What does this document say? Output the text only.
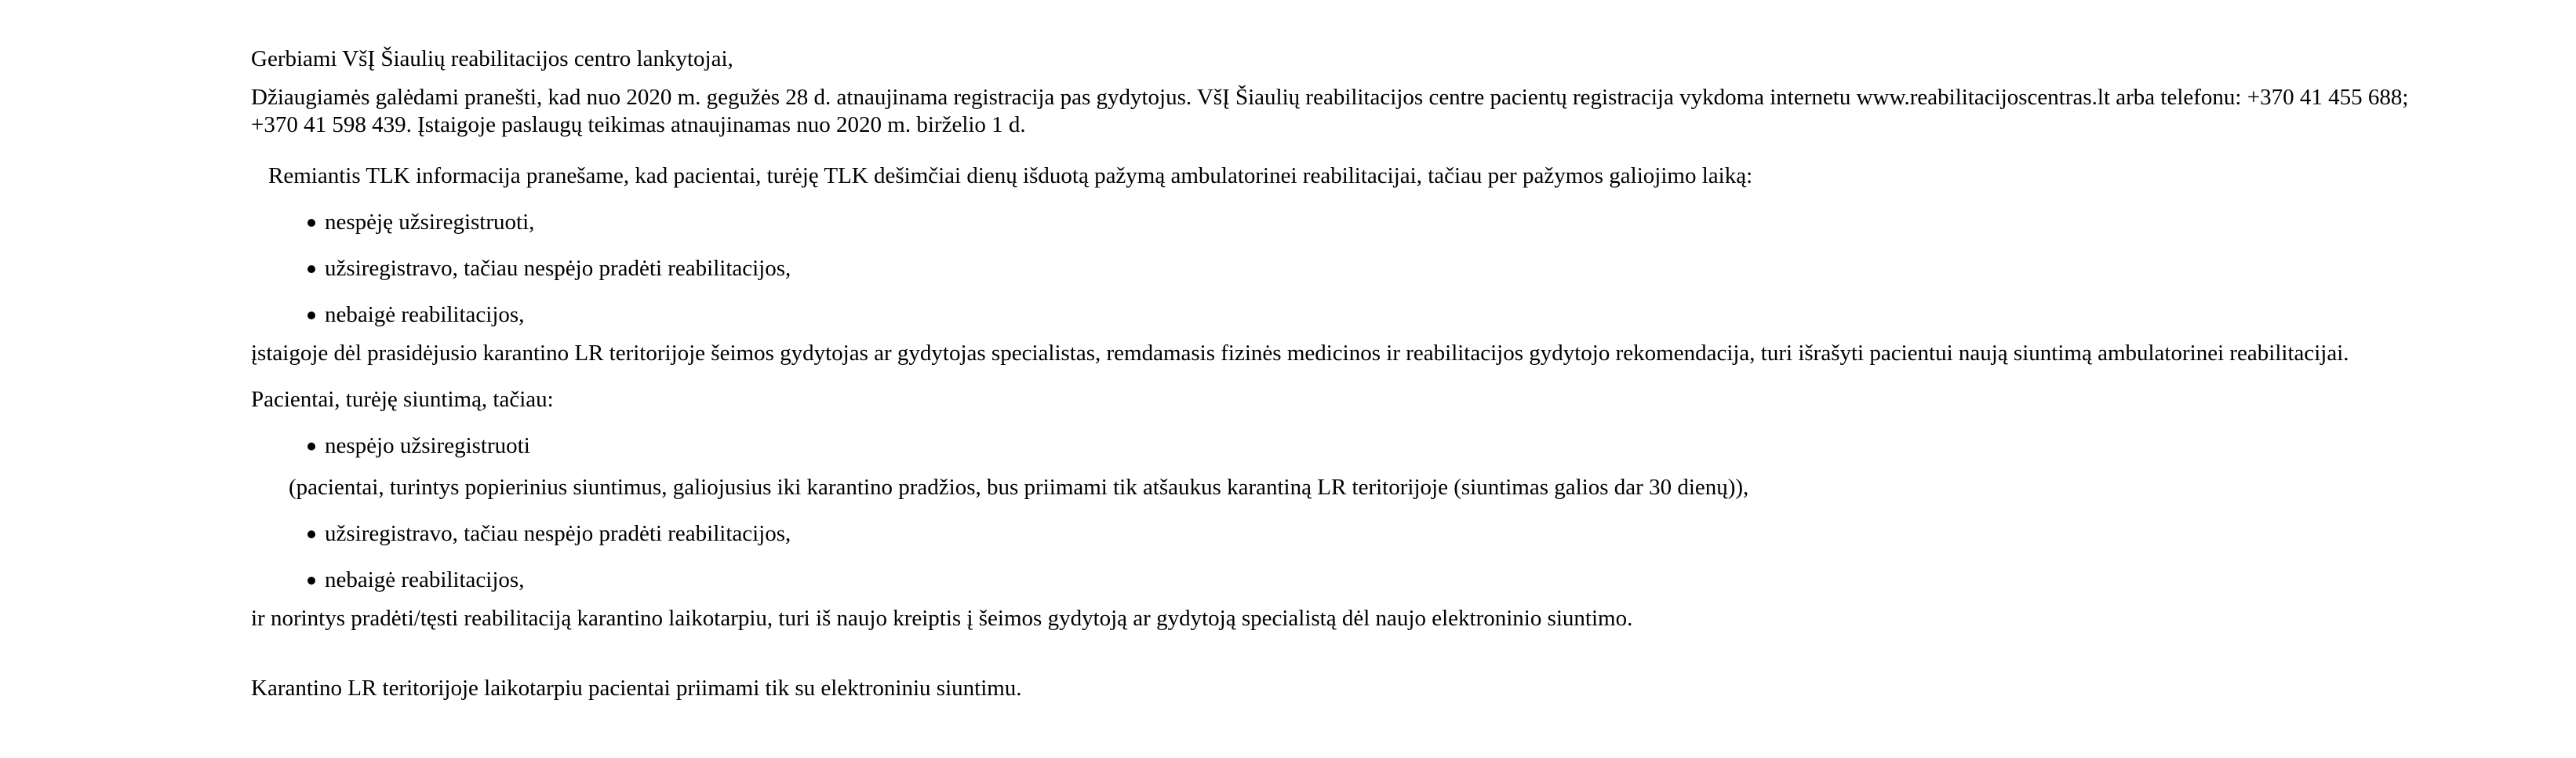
Gerbiami VšĮ Šiaulių reabilitacijos centro lankytojai,

Džiaugiamės galėdami pranešti, kad nuo 2020 m. gegužės 28 d. atnaujinama registracija pas gydytojus. VšĮ Šiaulių reabilitacijos centre pacientų registracija vykdoma internetu www.reabilitacijoscentras.lt arba telefonu: +370 41 455 688; +370 41 598 439. Įstaigoje paslaugų teikimas atnaujinamas nuo 2020 m. birželio 1 d.

Remiantis TLK informacija pranešame, kad pacientai, turėję TLK dešimčiai dienų išduotą pažymą ambulatorinei reabilitacijai, tačiau per pažymos galiojimo laiką:

nespėję užsiregistruoti,
užsiregistravo, tačiau nespėjo pradėti reabilitacijos,
nebaigė reabilitacijos,

įstaigoje dėl prasidėjusio karantino LR teritorijoje šeimos gydytojas ar gydytojas specialistas, remdamasis fizinės medicinos ir reabilitacijos gydytojo rekomendacija, turi išrašyti pacientui naują siuntimą ambulatorinei reabilitacijai.

Pacientai, turėję siuntimą, tačiau:

nespėjo užsiregistruoti

(pacientai, turintys popierinius siuntimus, galiojusius iki karantino pradžios, bus priimami tik atšaukus karantiną LR teritorijoje (siuntimas galios dar 30 dienų)),

užsiregistravo, tačiau nespėjo pradėti reabilitacijos,
nebaigė reabilitacijos,

ir norintys pradėti/tęsti reabilitaciją karantino laikotarpiu, turi iš naujo kreiptis į šeimos gydytoją ar gydytoją specialistą dėl naujo elektroninio siuntimo.

Karantino LR teritorijoje laikotarpiu pacientai priimami tik su elektroniniu siuntimu.
